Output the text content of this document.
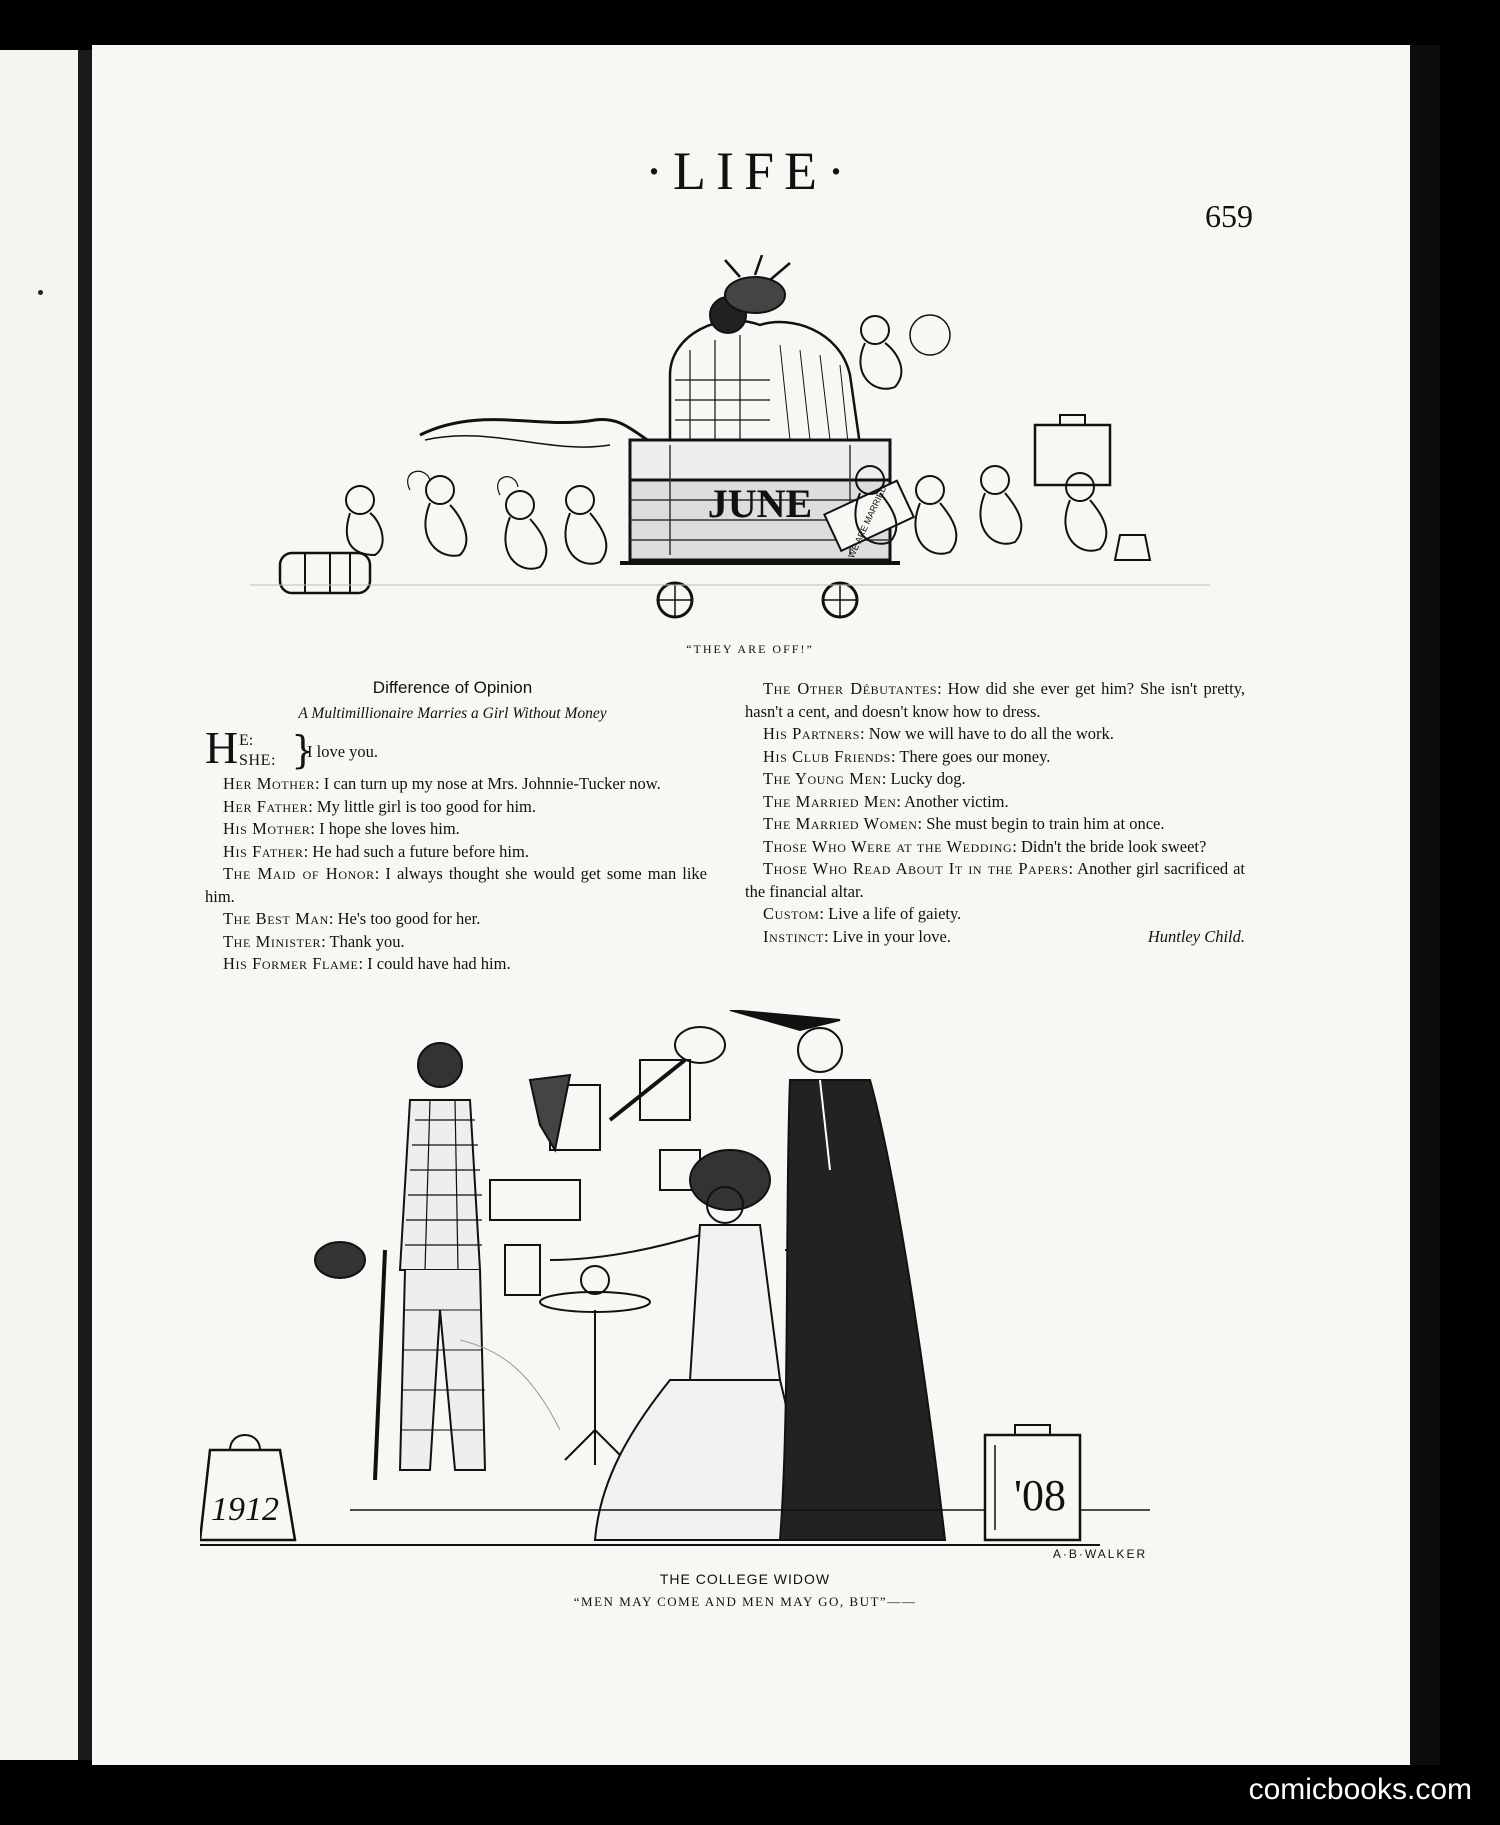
·LIFE·
659
JUNE	WE ARE MARRIED
“THEY ARE OFF!”
Difference of Opinion
A Multimillionaire Marries a Girl Without Money
H E:
SHE: }
I love you.

Her Mother: I can turn up my nose at Mrs. Johnnie-Tucker now.

Her Father: My little girl is too good for him.

His Mother: I hope she loves him.

His Father: He had such a future before him.

The Maid of Honor: I always thought she would get some man like him.

The Best Man: He's too good for her.

The Minister: Thank you.

His Former Flame: I could have had him.

The Other Débutantes: How did she ever get him? She isn't pretty, hasn't a cent, and doesn't know how to dress.

His Partners: Now we will have to do all the work.

His Club Friends: There goes our money.

The Young Men: Lucky dog.

The Married Men: Another victim.

The Married Women: She must begin to train him at once.

Those Who Were at the Wedding: Didn't the bride look sweet?

Those Who Read About It in the Papers: Another girl sacrificed at the financial altar.

Custom: Live a life of gaiety.

Instinct: Live in your love.	Huntley Child.

1912	'08
A·B·WALKER
THE COLLEGE WIDOW
“MEN MAY COME AND MEN MAY GO, BUT”——
comicbooks.com
